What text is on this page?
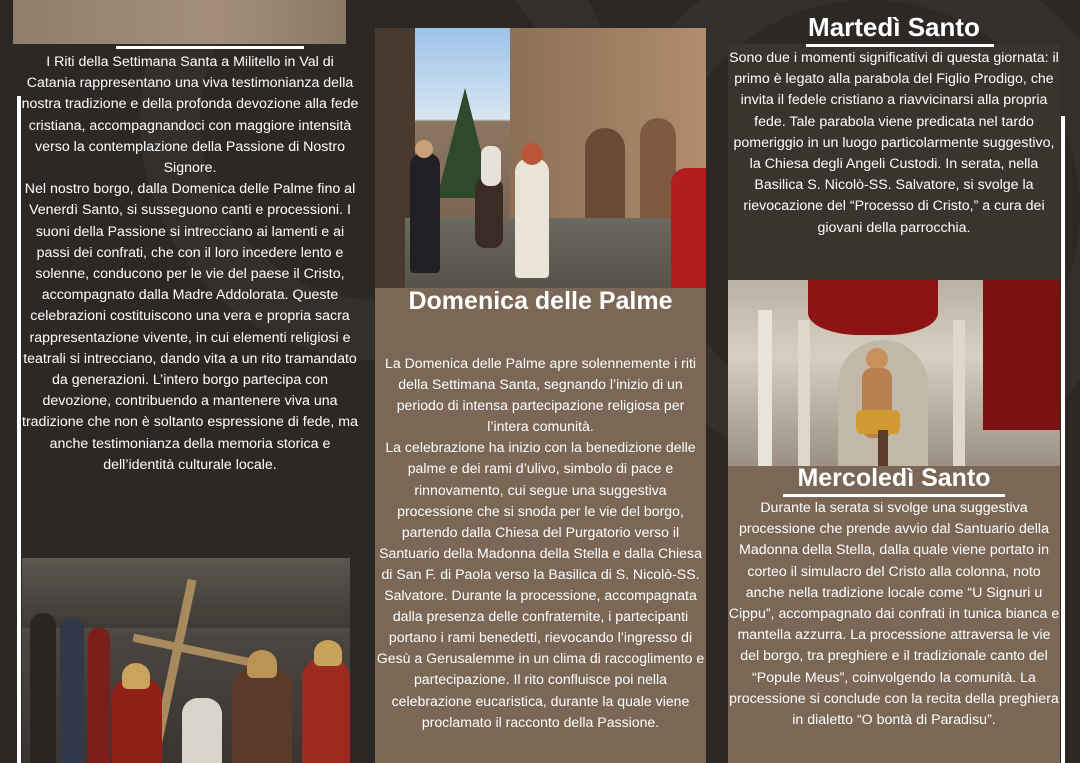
I Riti della Settimana Santa a Militello in Val di Catania rappresentano una viva testimonianza della nostra tradizione e della profonda devozione alla fede cristiana, accompagnandoci con maggiore intensità verso la contemplazione della Passione di Nostro Signore.
Nel nostro borgo, dalla Domenica delle Palme fino al Venerdì Santo, si susseguono canti e processioni. I suoni della Passione si intrecciano ai lamenti e ai passi dei confrati, che con il loro incedere lento e solenne, conducono per le vie del paese il Cristo, accompagnato dalla Madre Addolorata. Queste celebrazioni costituiscono una vera e propria sacra rappresentazione vivente, in cui elementi religiosi e teatrali si intrecciano, dando vita a un rito tramandato da generazioni. L’intero borgo partecipa con devozione, contribuendo a mantenere viva una tradizione che non è soltanto espressione di fede, ma anche testimonianza della memoria storica e dell’identità culturale locale.

Domenica delle Palme

La Domenica delle Palme apre solennemente i riti della Settimana Santa, segnando l’inizio di un periodo di intensa partecipazione religiosa per l’intera comunità.
La celebrazione ha inizio con la benedizione delle palme e dei rami d’ulivo, simbolo di pace e rinnovamento, cui segue una suggestiva processione che si snoda per le vie del borgo, partendo dalla Chiesa del Purgatorio verso il Santuario della Madonna della Stella e dalla Chiesa di San F. di Paola verso la Basilica di S. Nicolò-SS. Salvatore. Durante la processione, accompagnata dalla presenza delle confraternite, i partecipanti portano i rami benedetti, rievocando l’ingresso di Gesù a Gerusalemme in un clima di raccoglimento e partecipazione. Il rito confluisce poi nella celebrazione eucaristica, durante la quale viene proclamato il racconto della Passione.

Martedì Santo

Sono due i momenti significativi di questa giornata: il primo è legato alla parabola del Figlio Prodigo, che invita il fedele cristiano a riavvicinarsi alla propria fede. Tale parabola viene predicata nel tardo pomeriggio in un luogo particolarmente suggestivo, la Chiesa degli Angeli Custodi. In serata, nella Basilica S. Nicolò-SS. Salvatore, si svolge la rievocazione del “Processo di Cristo,” a cura dei giovani della parrocchia.

Mercoledì Santo

Durante la serata si svolge una suggestiva processione che prende avvio dal Santuario della Madonna della Stella, dalla quale viene portato in corteo il simulacro del Cristo alla colonna, noto anche nella tradizione locale come “U Signuri u Cippu”, accompagnato dai confrati in tunica bianca e mantella azzurra. La processione attraversa le vie del borgo, tra preghiere e il tradizionale canto del “Popule Meus”, coinvolgendo la comunità. La processione si conclude con la recita della preghiera in dialetto “O bontà di Paradisu”.
